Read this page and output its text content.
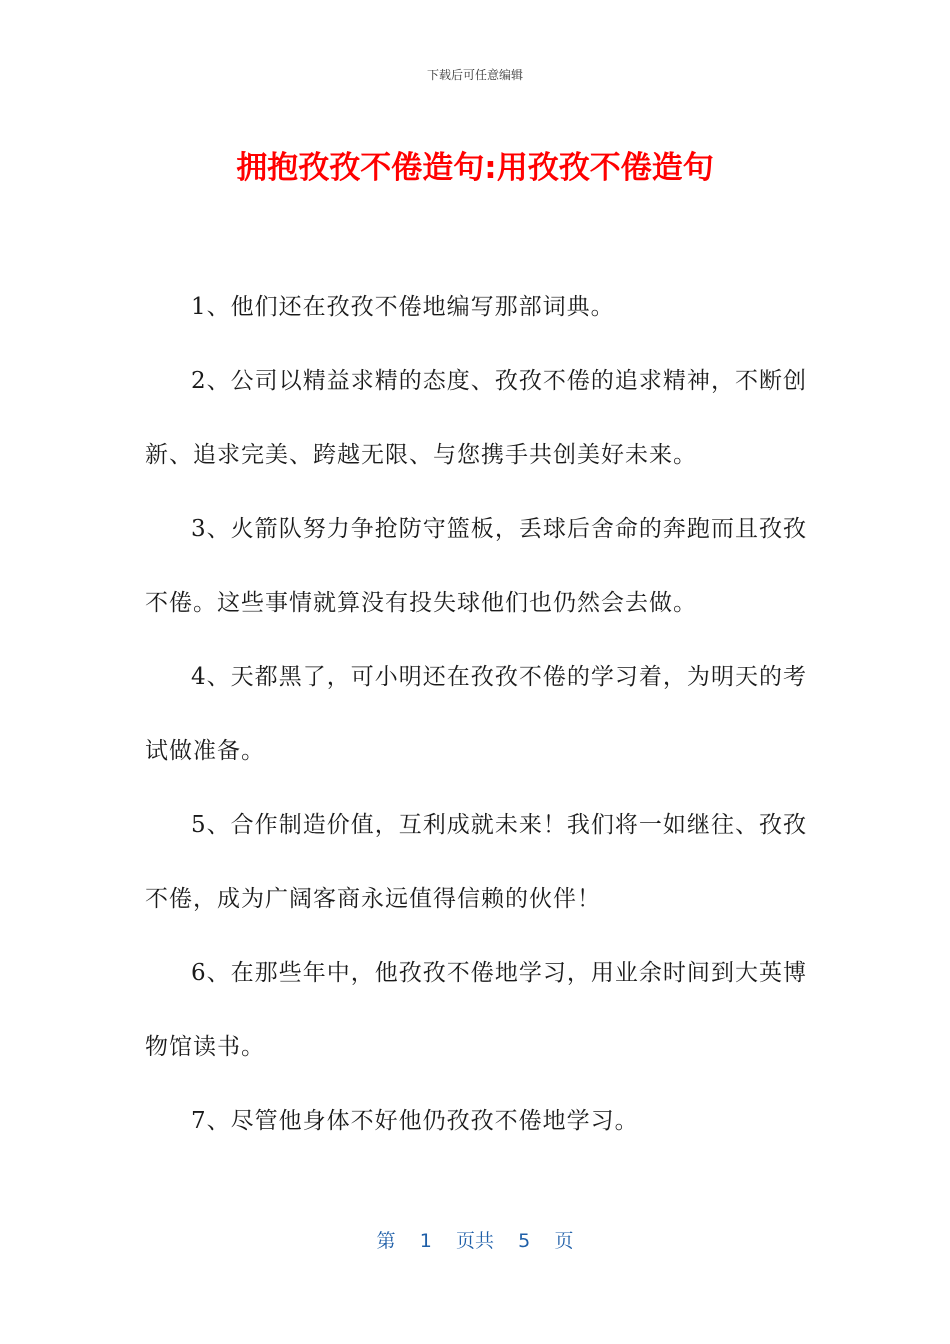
下载后可任意编辑
拥抱孜孜不倦造句:用孜孜不倦造句

1、他们还在孜孜不倦地编写那部词典。

2、公司以精益求精的态度、孜孜不倦的追求精神，不断创新、追求完美、跨越无限、与您携手共创美好未来。

3、火箭队努力争抢防守篮板，丢球后舍命的奔跑而且孜孜不倦。这些事情就算没有投失球他们也仍然会去做。

4、天都黑了，可小明还在孜孜不倦的学习着，为明天的考试做准备。

5、合作制造价值，互利成就未来！我们将一如继往、孜孜不倦，成为广阔客商永远值得信赖的伙伴！

6、在那些年中，他孜孜不倦地学习，用业余时间到大英博物馆读书。

7、尽管他身体不好他仍孜孜不倦地学习。

第 1 页共 5 页
